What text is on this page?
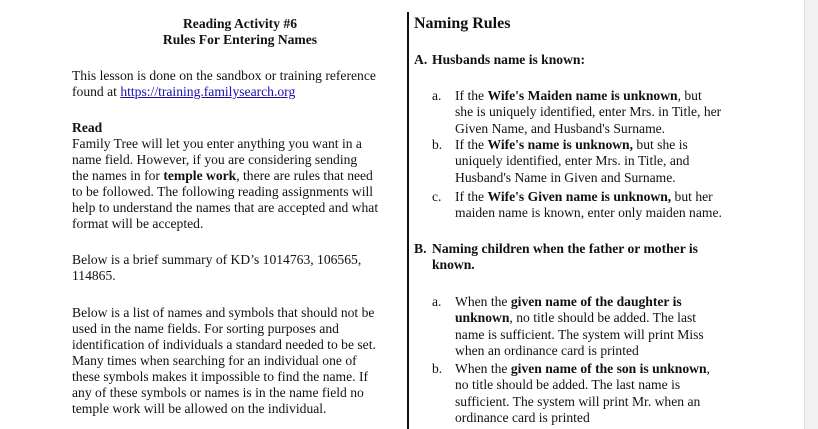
Reading Activity #6
Rules For Entering Names
This lesson is done on the sandbox or training reference
found at https://training.familysearch.org
Read
Family Tree will let you enter anything you want in a
name field. However, if you are considering sending
the names in for temple work, there are rules that need
to be followed. The following reading assignments will
help to understand the names that are accepted and what
format will be accepted.
Below is a brief summary of KD’s 1014763, 106565,
114865.
Below is a list of names and symbols that should not be
used in the name fields. For sorting purposes and
identification of individuals a standard needed to be set.
Many times when searching for an individual one of
these symbols makes it impossible to find the name. If
any of these symbols or names is in the name field no
temple work will be allowed on the individual.
Naming Rules
A. Husbands name is known:
a. If the Wife's Maiden name is unknown, but
she is uniquely identified, enter Mrs. in Title, her
Given Name, and Husband's Surname.
b. If the Wife's name is unknown, but she is
uniquely identified, enter Mrs. in Title, and
Husband's Name in Given and Surname.
c. If the Wife's Given name is unknown, but her
maiden name is known, enter only maiden name.
B. Naming children when the father or mother is
known.
a. When the given name of the daughter is
unknown, no title should be added. The last
name is sufficient. The system will print Miss
when an ordinance card is printed
b. When the given name of the son is unknown,
no title should be added. The last name is
sufficient. The system will print Mr. when an
ordinance card is printed
